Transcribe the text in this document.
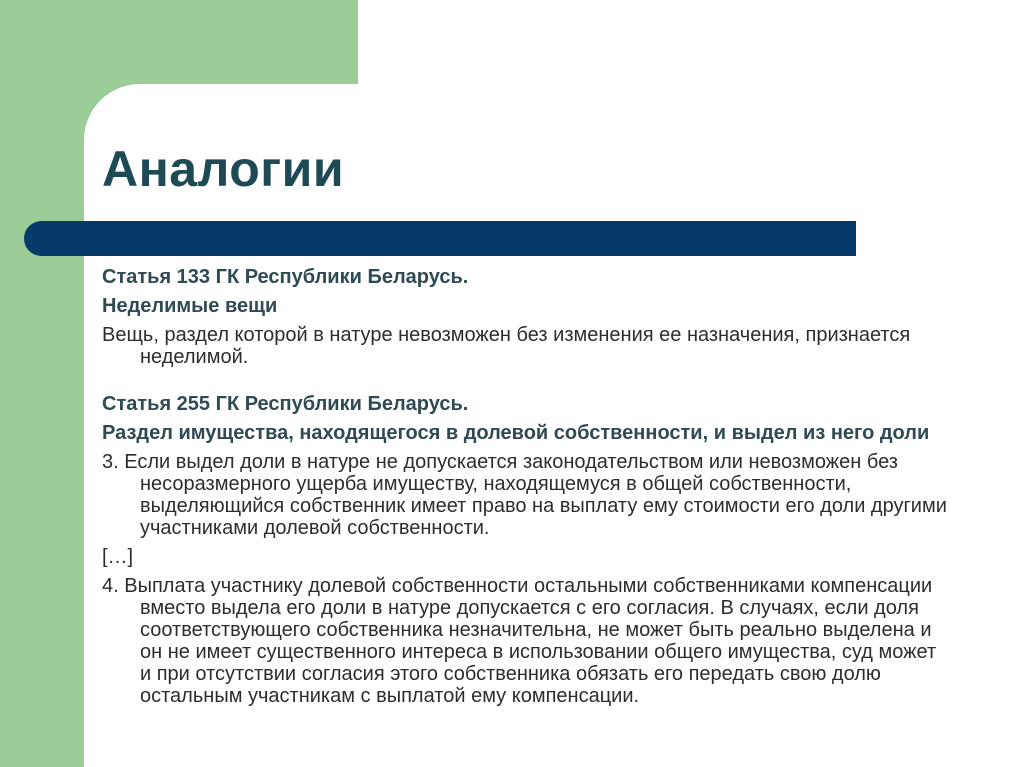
Аналогии

Статья 133 ГК Республики Беларусь.

Неделимые вещи

Вещь, раздел которой в натуре невозможен без изменения ее назначения, признается неделимой.

Статья 255 ГК Республики Беларусь.

Раздел имущества, находящегося в долевой собственности, и выдел из него доли

3. Если выдел доли в натуре не допускается законодательством или невозможен без несоразмерного ущерба имуществу, находящемуся в общей собственности, выделяющийся собственник имеет право на выплату ему стоимости его доли другими участниками долевой собственности.

[…]

4. Выплата участнику долевой собственности остальными собственниками компенсации вместо выдела его доли в натуре допускается с его согласия. В случаях, если доля соответствующего собственника незначительна, не может быть реально выделена и он не имеет существенного интереса в использовании общего имущества, суд может и при отсутствии согласия этого собственника обязать его передать свою долю остальным участникам с выплатой ему компенсации.
